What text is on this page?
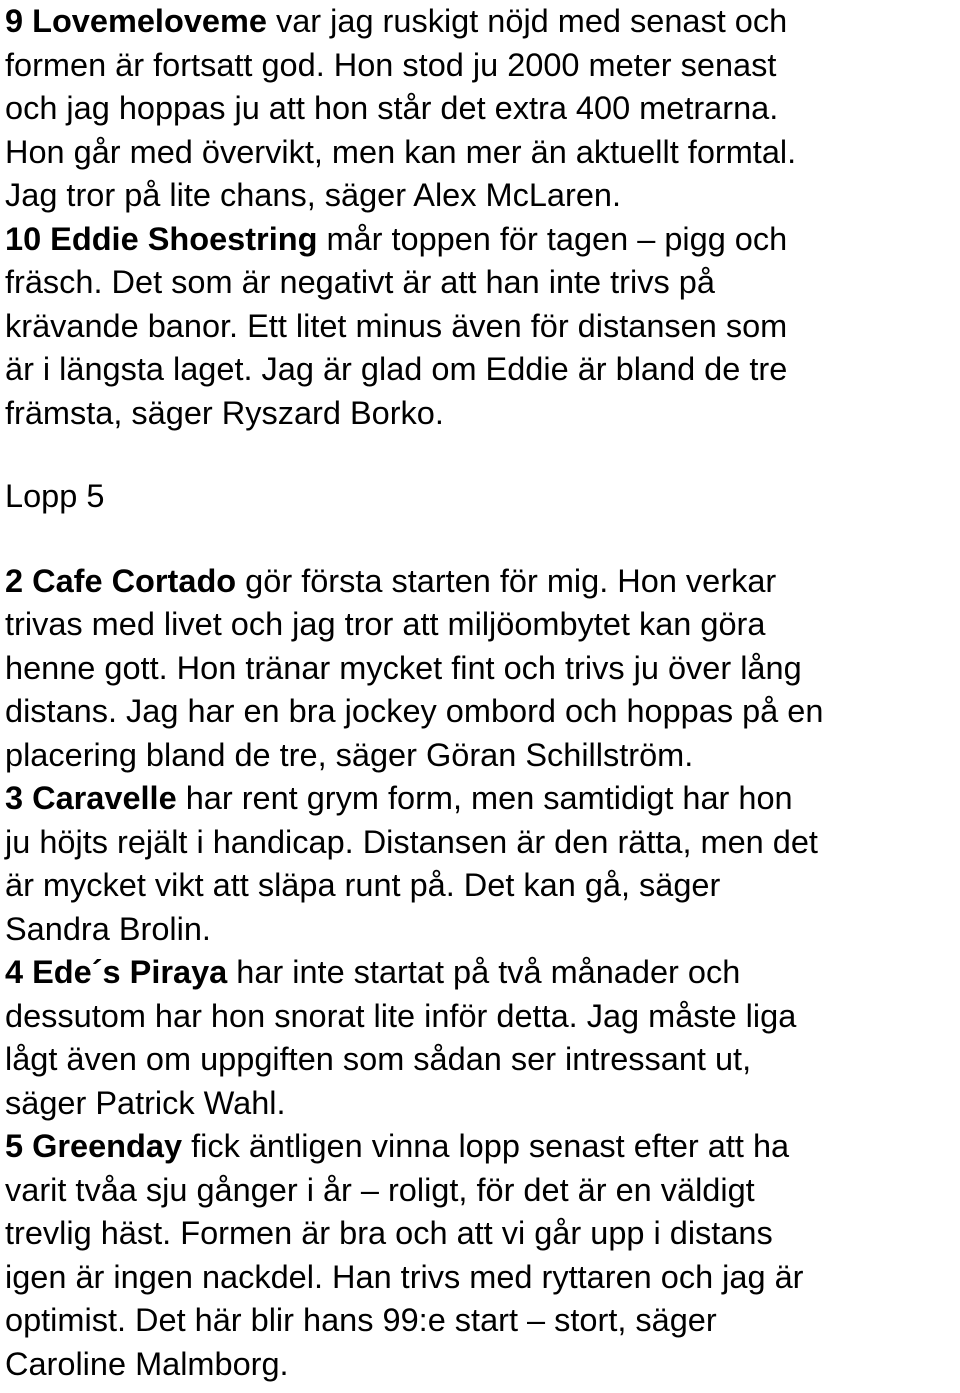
9 Lovemeloveme var jag ruskigt nöjd med senast och
formen är fortsatt god. Hon stod ju 2000 meter senast
och jag hoppas ju att hon står det extra 400 metrarna.
Hon går med övervikt, men kan mer än aktuellt formtal.
Jag tror på lite chans, säger Alex McLaren.
10 Eddie Shoestring mår toppen för tagen – pigg och
fräsch. Det som är negativt är att han inte trivs på
krävande banor. Ett litet minus även för distansen som
är i längsta laget. Jag är glad om Eddie är bland de tre
främsta, säger Ryszard Borko.
Lopp 5
2 Cafe Cortado gör första starten för mig. Hon verkar
trivas med livet och jag tror att miljöombytet kan göra
henne gott. Hon tränar mycket fint och trivs ju över lång
distans. Jag har en bra jockey ombord och hoppas på en
placering bland de tre, säger Göran Schillström.
3 Caravelle har rent grym form, men samtidigt har hon
ju höjts rejält i handicap. Distansen är den rätta, men det
är mycket vikt att släpa runt på. Det kan gå, säger
Sandra Brolin.
4 Ede´s Piraya har inte startat på två månader och
dessutom har hon snorat lite inför detta. Jag måste liga
lågt även om uppgiften som sådan ser intressant ut,
säger Patrick Wahl.
5 Greenday fick äntligen vinna lopp senast efter att ha
varit tvåa sju gånger i år – roligt, för det är en väldigt
trevlig häst. Formen är bra och att vi går upp i distans
igen är ingen nackdel. Han trivs med ryttaren och jag är
optimist. Det här blir hans 99:e start – stort, säger
Caroline Malmborg.
